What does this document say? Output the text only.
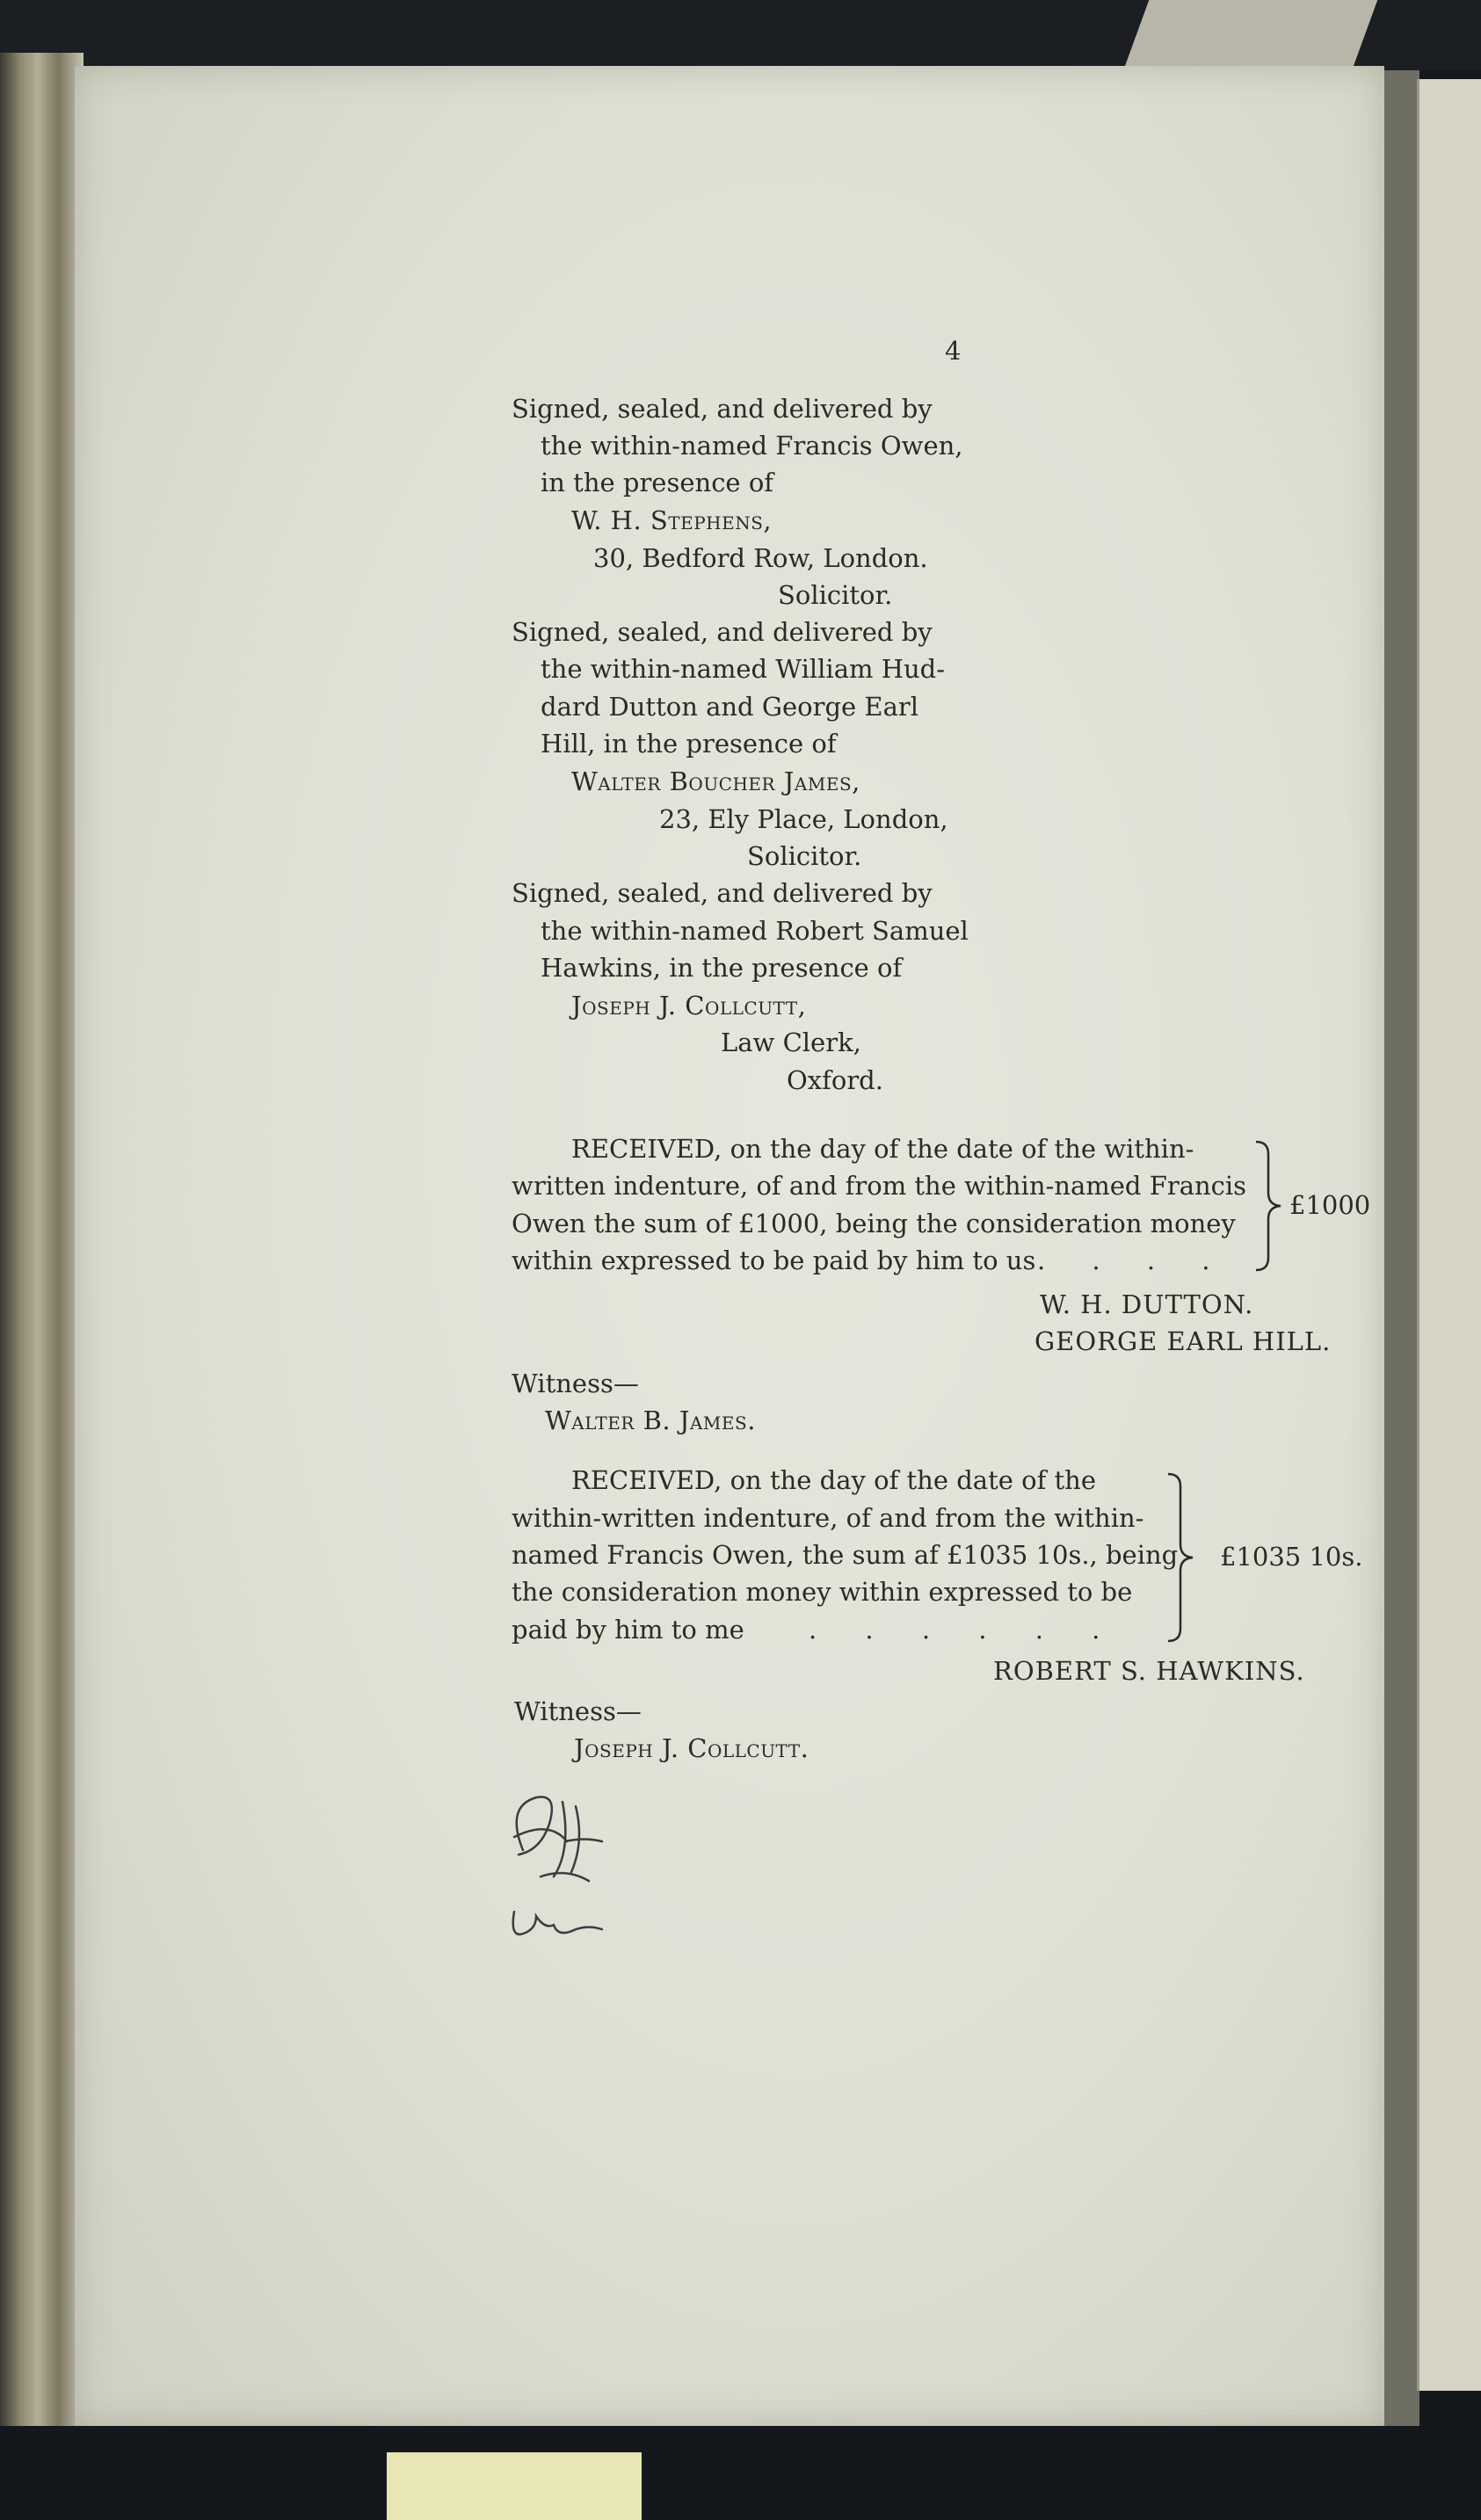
4
Signed, sealed, and delivered by
the within-named Francis Owen,
in the presence of
W. H. Stephens,
30, Bedford Row, London.
Solicitor.
Signed, sealed, and delivered by
the within-named William Hud-
dard Dutton and George Earl
Hill, in the presence of
Walter Boucher James,
23, Ely Place, London,
Solicitor.
Signed, sealed, and delivered by
the within-named Robert Samuel
Hawkins, in the presence of
Joseph J. Collcutt,
Law Clerk,
Oxford.
RECEIVED, on the day of the date of the within-
written indenture, of and from the within-named Francis
Owen the sum of £1000, being the consideration money
within expressed to be paid by him to us . . . .
£1000
W. H. DUTTON.
GEORGE EARL HILL.
Witness—
Walter B. James.
RECEIVED, on the day of the date of the
within-written indenture, of and from the within-
named Francis Owen, the sum af £1035 10s., being
the consideration money within expressed to be
paid by him to me	. . . . . .
£1035 10s.
ROBERT S. HAWKINS.
Witness—
Joseph J. Collcutt.
